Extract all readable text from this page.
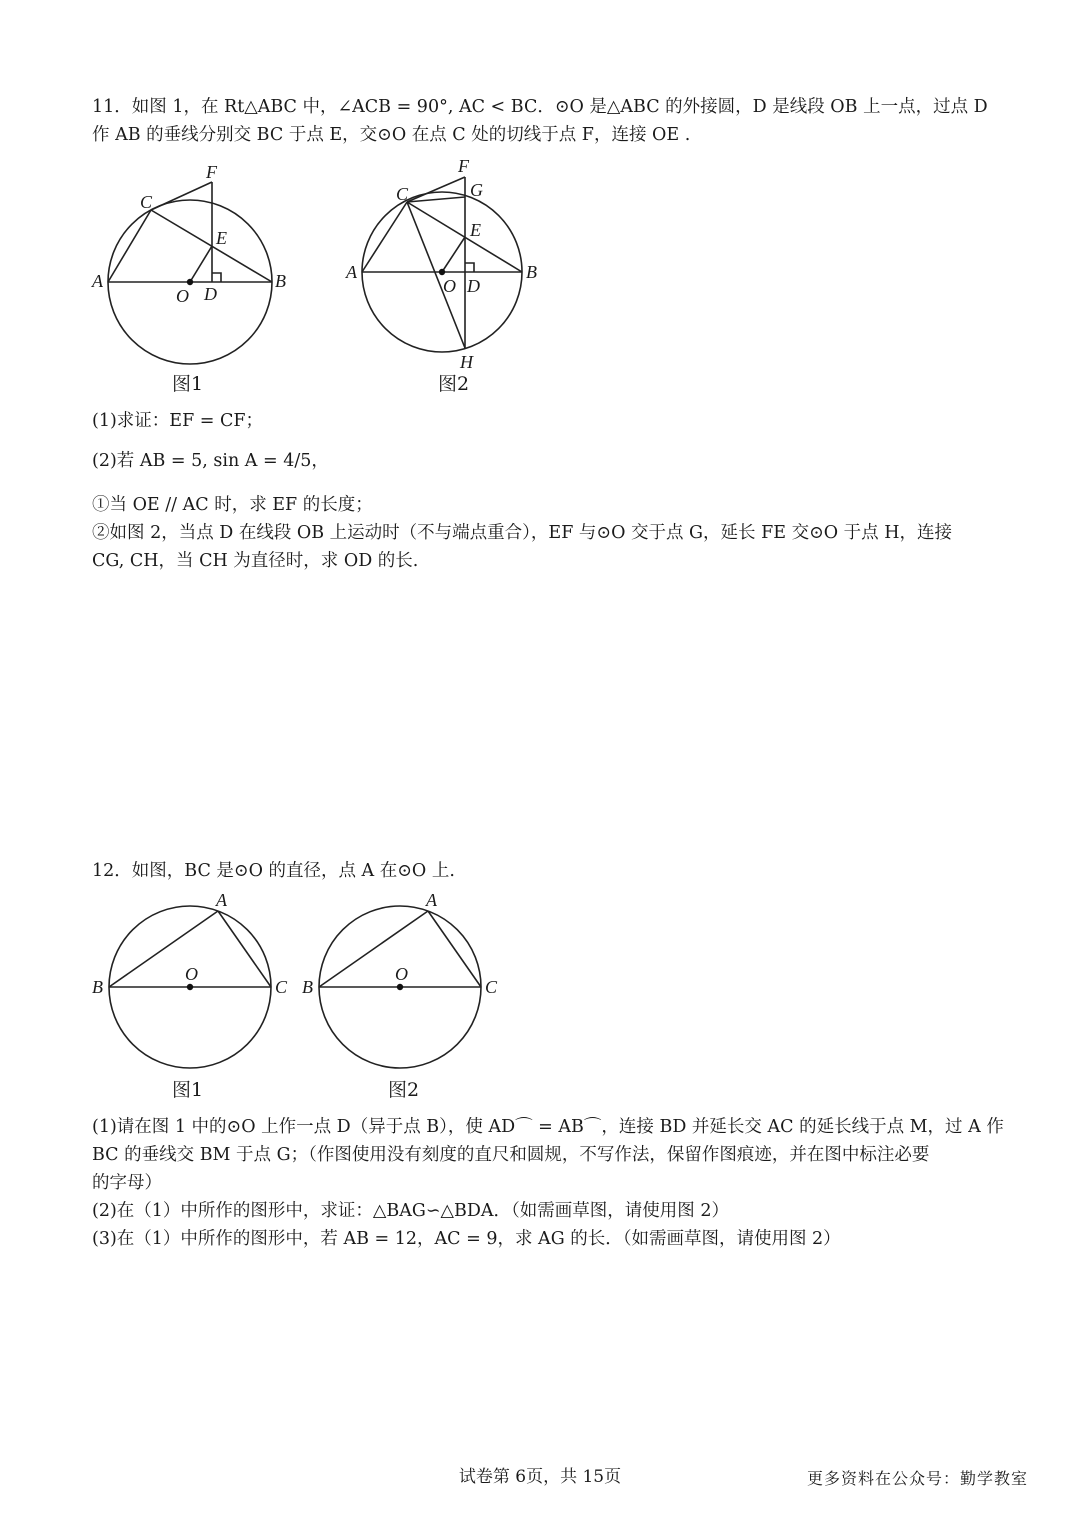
11．如图 1，在 Rt△ABC 中，∠ACB = 90°, AC < BC．⊙O 是△ABC 的外接圆，D 是线段 OB 上一点，过点 D
作 AB 的垂线分别交 BC 于点 E，交⊙O 在点 C 处的切线于点 F，连接 OE .
F
C
E
A
O D
B
图1
F
C	G
E
A
O D
B
H
图2
(1)求证：EF = CF；
(2)若 AB = 5, sin A = 4/5，
①当 OE // AC 时，求 EF 的长度；
②如图 2，当点 D 在线段 OB 上运动时（不与端点重合），EF 与⊙O 交于点 G，延长 FE 交⊙O 于点 H，连接
CG, CH，当 CH 为直径时，求 OD 的长.
12．如图，BC 是⊙O 的直径，点 A 在⊙O 上.
A
O
B	C
图1
A
O
B	C
图2
(1)请在图 1 中的⊙O 上作一点 D（异于点 B），使 AD⌒ = AB⌒，连接 BD 并延长交 AC 的延长线于点 M，过 A 作
BC 的垂线交 BM 于点 G；（作图使用没有刻度的直尺和圆规，不写作法，保留作图痕迹，并在图中标注必要
的字母）
(2)在（1）中所作的图形中，求证：△BAG∽△BDA．（如需画草图，请使用图 2）
(3)在（1）中所作的图形中，若 AB = 12，AC = 9，求 AG 的长．（如需画草图，请使用图 2）
试卷第 6页，共 15页	更多资料在公众号：勤学教室
